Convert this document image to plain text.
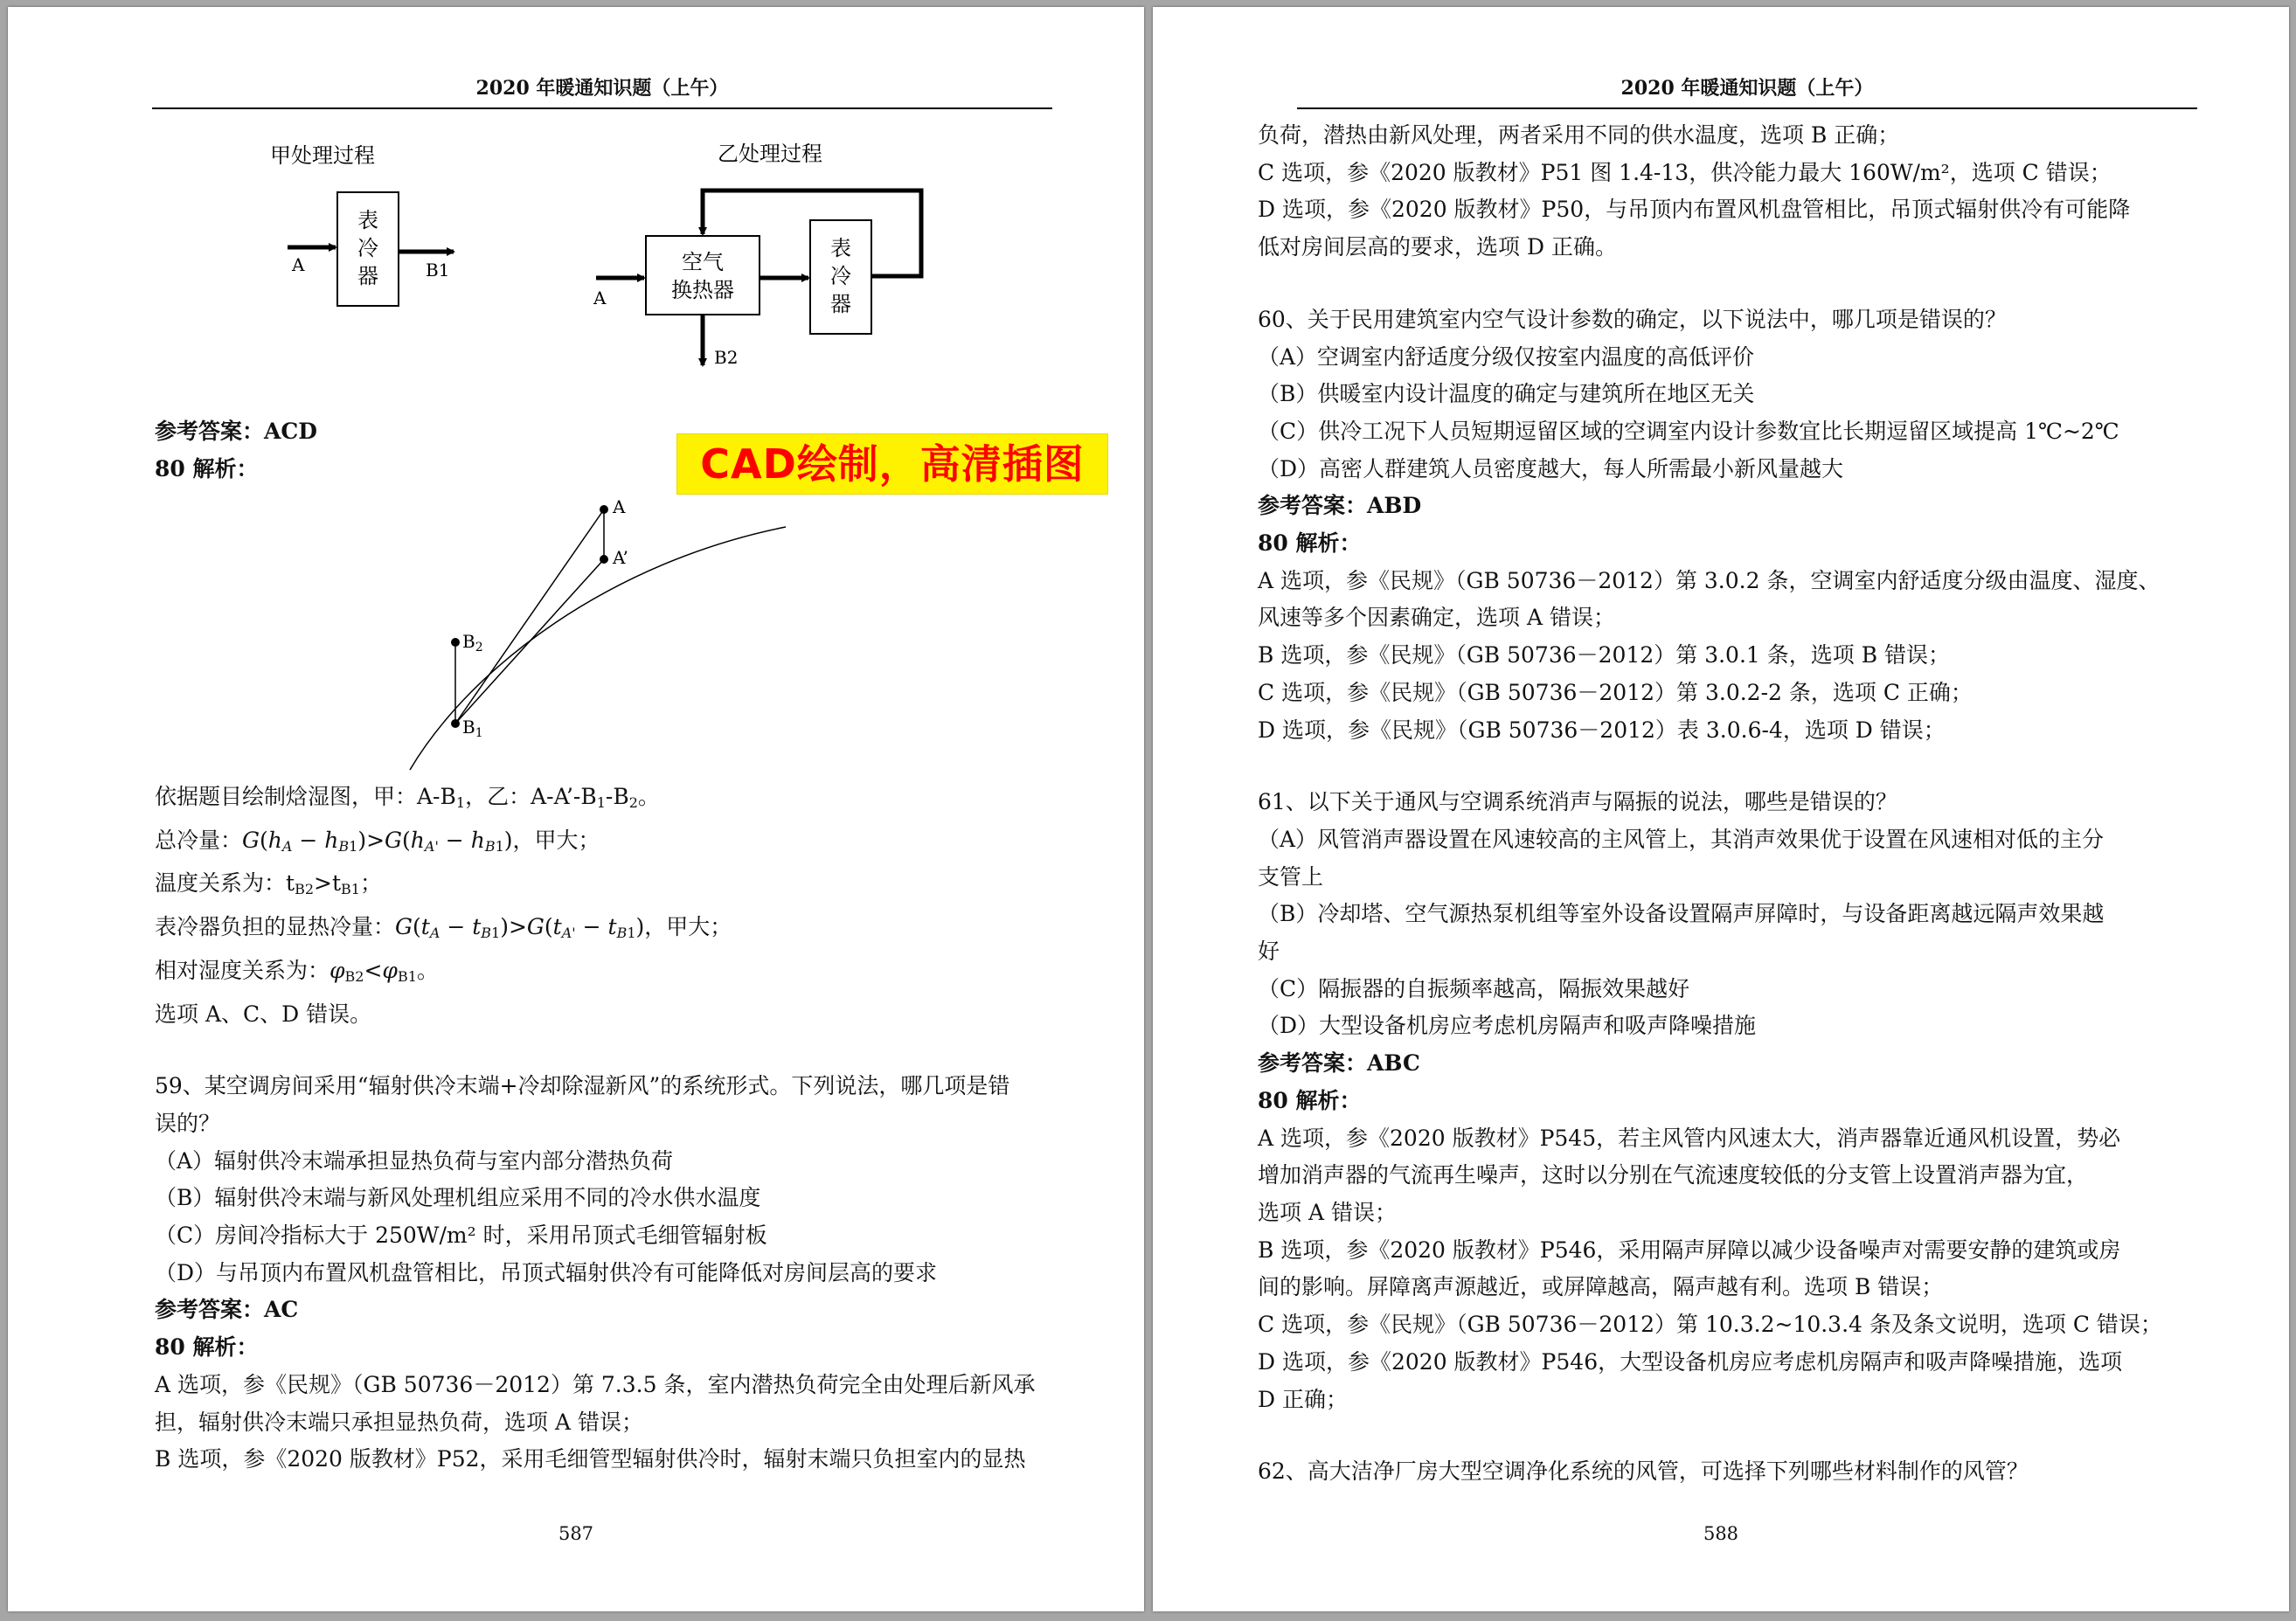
2020 年暖通知识题（上午）
甲处理过程	乙处理过程
表
冷
器
A	B1	空气
换热器
表
冷
器
A
B2
CAD绘制，高清插图
A
A’
$B_2$
$B_1$

参考答案：ACD

80 解析：

依据题目绘制焓湿图，甲：$A-B_1$，乙：$A-A’-B_1-B_2$。

总冷量：$G(h_A - h_{B1})>G(h_{A'} - h_{B1})$，甲大；

温度关系为：$t_{B2}>t_{B1}$；

表冷器负担的显热冷量：$G(t_A - t_{B1})>G(t_{A'} - t_{B1})$，甲大；

相对湿度关系为：$\varphi_{B2}<\varphi_{B1}$。

选项 A、C、D 错误。

59、某空调房间采用“辐射供冷末端+冷却除湿新风”的系统形式。下列说法，哪几项是错

误的？

（A）辐射供冷末端承担显热负荷与室内部分潜热负荷

（B）辐射供冷末端与新风处理机组应采用不同的冷水供水温度

（C）房间冷指标大于 250W/m² 时，采用吊顶式毛细管辐射板

（D）与吊顶内布置风机盘管相比，吊顶式辐射供冷有可能降低对房间层高的要求

参考答案：AC

80 解析：

A 选项，参《民规》（GB 50736－2012）第 7.3.5 条，室内潜热负荷完全由处理后新风承

担，辐射供冷末端只承担显热负荷，选项 A 错误；

B 选项，参《2020 版教材》P52，采用毛细管型辐射供冷时，辐射末端只负担室内的显热

587
2020 年暖通知识题（上午）

负荷，潜热由新风处理，两者采用不同的供水温度，选项 B 正确；

C 选项，参《2020 版教材》P51 图 1.4-13，供冷能力最大 160W/m²，选项 C 错误；

D 选项，参《2020 版教材》P50，与吊顶内布置风机盘管相比，吊顶式辐射供冷有可能降

低对房间层高的要求，选项 D 正确。

60、关于民用建筑室内空气设计参数的确定，以下说法中，哪几项是错误的？

（A）空调室内舒适度分级仅按室内温度的高低评价

（B）供暖室内设计温度的确定与建筑所在地区无关

（C）供冷工况下人员短期逗留区域的空调室内设计参数宜比长期逗留区域提高 1℃~2℃

（D）高密人群建筑人员密度越大，每人所需最小新风量越大

参考答案：ABD

80 解析：

A 选项，参《民规》（GB 50736－2012）第 3.0.2 条，空调室内舒适度分级由温度、湿度、

风速等多个因素确定，选项 A 错误；

B 选项，参《民规》（GB 50736－2012）第 3.0.1 条，选项 B 错误；

C 选项，参《民规》（GB 50736－2012）第 3.0.2-2 条，选项 C 正确；

D 选项，参《民规》（GB 50736－2012）表 3.0.6-4，选项 D 错误；

61、以下关于通风与空调系统消声与隔振的说法，哪些是错误的？

（A）风管消声器设置在风速较高的主风管上，其消声效果优于设置在风速相对低的主分

支管上

（B）冷却塔、空气源热泵机组等室外设备设置隔声屏障时，与设备距离越远隔声效果越

好

（C）隔振器的自振频率越高，隔振效果越好

（D）大型设备机房应考虑机房隔声和吸声降噪措施

参考答案：ABC

80 解析：

A 选项，参《2020 版教材》P545，若主风管内风速太大，消声器靠近通风机设置，势必

增加消声器的气流再生噪声，这时以分别在气流速度较低的分支管上设置消声器为宜，

选项 A 错误；

B 选项，参《2020 版教材》P546，采用隔声屏障以减少设备噪声对需要安静的建筑或房

间的影响。屏障离声源越近，或屏障越高，隔声越有利。选项 B 错误；

C 选项，参《民规》（GB 50736－2012）第 10.3.2~10.3.4 条及条文说明，选项 C 错误；

D 选项，参《2020 版教材》P546，大型设备机房应考虑机房隔声和吸声降噪措施，选项

D 正确；

62、高大洁净厂房大型空调净化系统的风管，可选择下列哪些材料制作的风管？

588
